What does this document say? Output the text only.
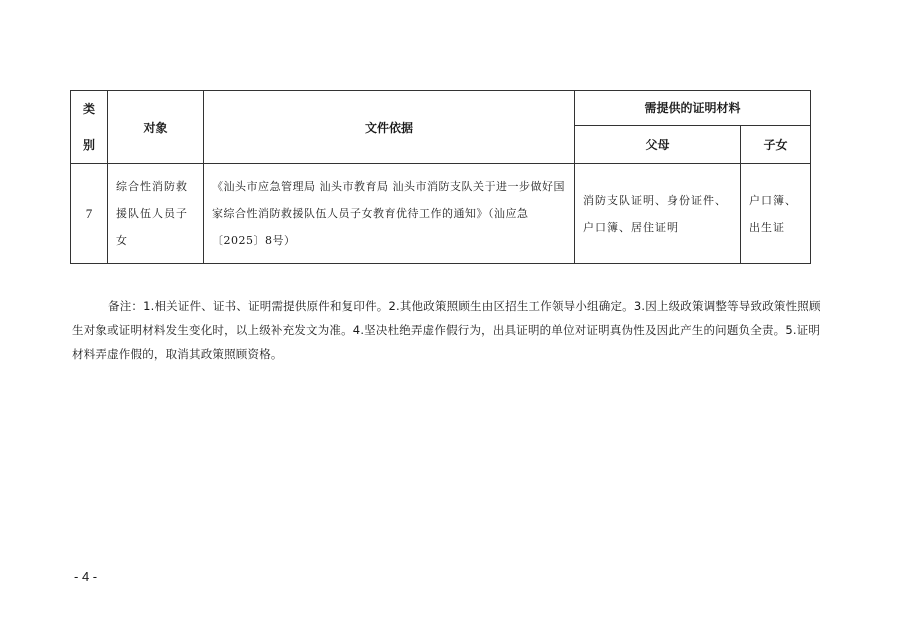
类别	对象	文件依据	需提供的证明材料	
			父母	子女
7	综合性消防救援队伍人员子女	《汕头市应急管理局 汕头市教育局 汕头市消防支队关于进一步做好国家综合性消防救援队伍人员子女教育优待工作的通知》（汕应急〔2025〕8号）	消防支队证明、身份证件、户口簿、居住证明	户口簿、出生证
备注：1.相关证件、证书、证明需提供原件和复印件。2.其他政策照顾生由区招生工作领导小组确定。3.因上级政策调整等导致政策性照顾生对象或证明材料发生变化时，以上级补充发文为准。4.坚决杜绝弄虚作假行为，出具证明的单位对证明真伪性及因此产生的问题负全责。5.证明材料弄虚作假的，取消其政策照顾资格。
- 4 -
